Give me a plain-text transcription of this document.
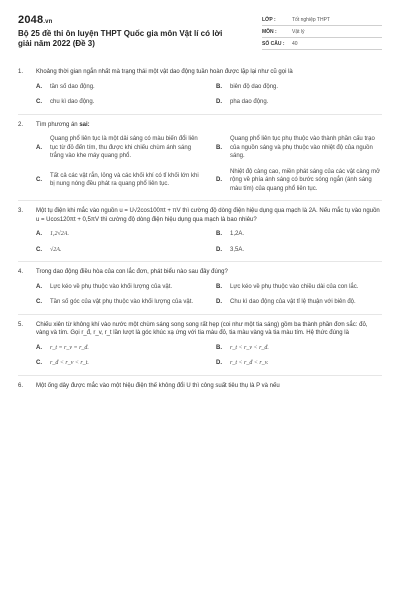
2048.vn
Bộ 25 đề thi ôn luyện THPT Quốc gia môn Vật lí có lời giải năm 2022 (Đề 3)
LỚP :	Tốt nghiệp THPT
MÔN :	Vật lý
SỐ CÂU :	40
1.	Khoảng thời gian ngắn nhất mà trạng thái một vật dao động tuần hoàn được lặp lại như cũ gọi là
A.	tần số dao động.	B.	biên độ dao động.
C.	chu kì dao động.	D.	pha dao động.
2.	Tìm phương án sai:
A.
Quang phổ liên tục là một dải sáng có màu biến đổi liên tục từ đỏ đến tím, thu được khi chiếu chùm ánh sáng trắng vào khe máy quang phổ.
B.
Quang phổ liên tục phụ thuộc vào thành phần cấu trạo của nguồn sáng và phụ thuộc vào nhiệt độ của nguồn sáng.
C.
Tất cả các vật rắn, lỏng và các khối khí có tỉ khối lớn khi bị nung nóng đều phát ra quang phổ liên tục.
D.
Nhiệt độ càng cao, miền phát sáng của các vật càng mở rộng về phía ánh sáng có bước sóng ngắn (ánh sáng màu tím) của quang phổ liên tục.
3.	Một tụ điện khi mắc vào nguồn u = U√2cos100πt + πV thì cường độ dòng điện hiệu dụng qua mạch là 2A. Nếu mắc tụ vào nguồn u = Ucos120πt + 0,5πV thì cường độ dòng điện hiệu dụng qua mạch là bao nhiêu?
A.	1,2√2A.	B.	1,2A.
C.	√2A.	D.	3,5A.
4.	Trong dao động điều hòa của con lắc đơn, phát biểu nào sau đây đúng?
A.	Lực kéo về phụ thuộc vào khối lượng của vật.	B.	Lực kéo về phụ thuộc vào chiều dài của con lắc.
C.	Tần số góc của vật phụ thuộc vào khối lượng của vật.	D.	Chu kì dao động của vật tỉ lệ thuận với biên độ.
5.	Chiếu xiên từ không khí vào nước một chùm sáng song song rất hẹp (coi như một tia sáng) gồm ba thành phần đơn sắc: đỏ, vàng và tím. Gọi r_đ, r_v, r_t lần lượt là góc khúc xạ ứng với tia màu đỏ, tia màu vàng và tia màu tím. Hệ thức đúng là
A.	r_t = r_v = r_đ.	B.	r_t < r_v < r_đ.
C.	r_đ < r_v < r_t.	D.	r_t < r_đ < r_v.
6.	Một ống dây được mắc vào một hiệu điện thế không đổi U thì công suất tiêu thụ là P và nếu
